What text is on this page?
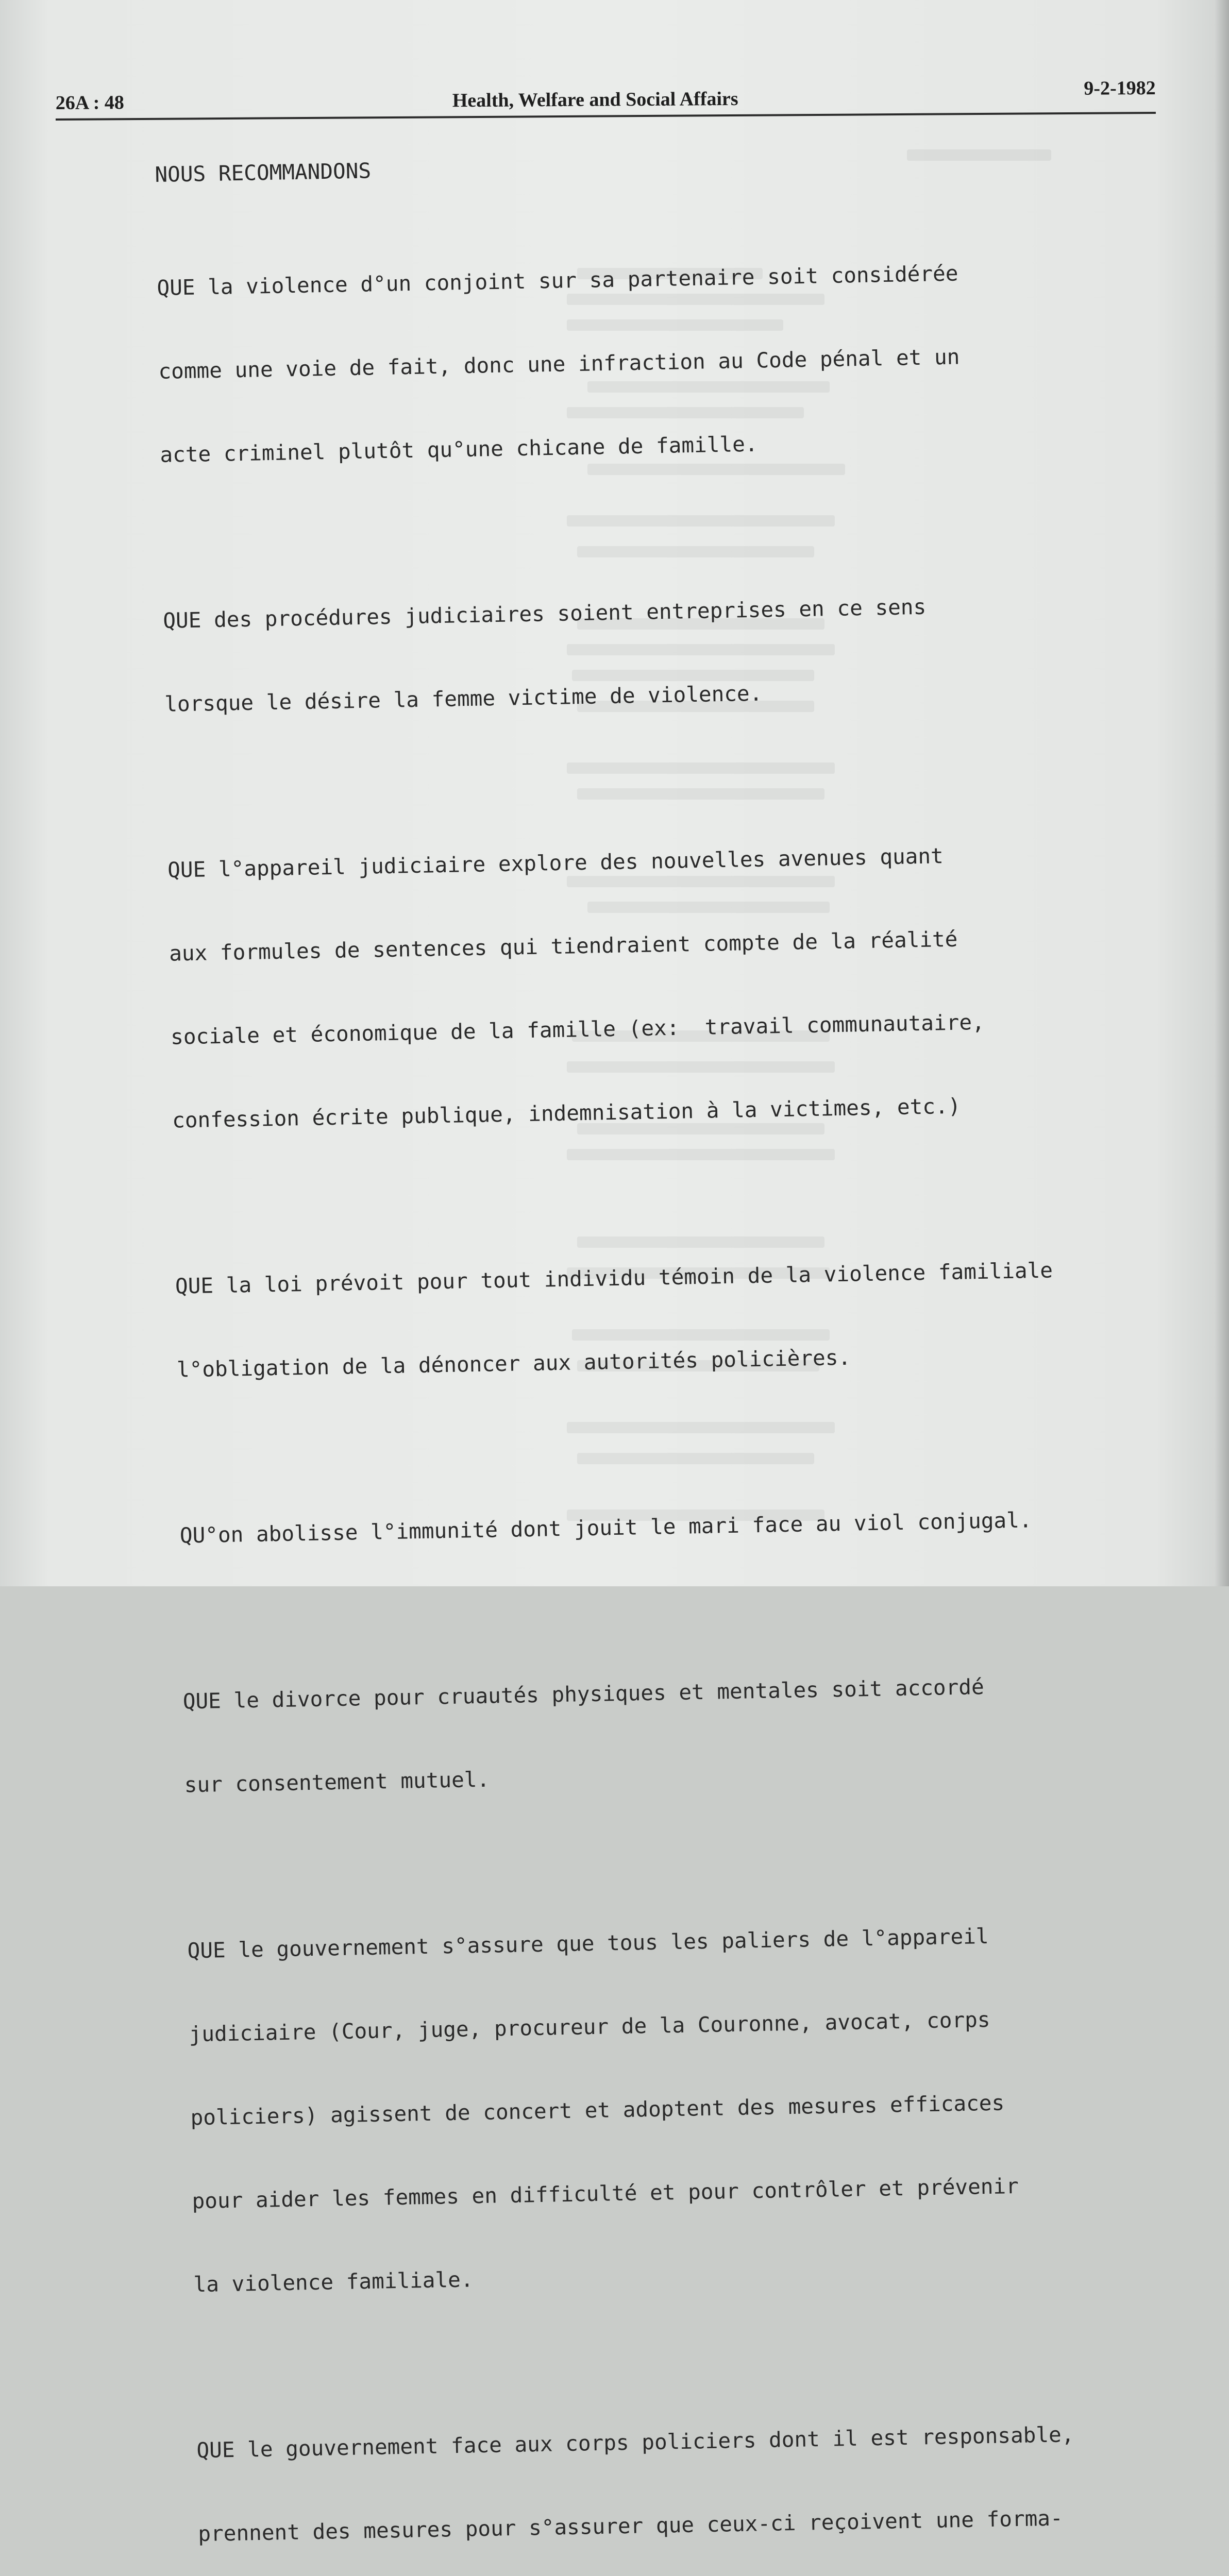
26A : 48	Health, Welfare and Social Affairs	9-2-1982
NOUS RECOMMANDONS

QUE la violence d°un conjoint sur sa partenaire soit considérée

comme une voie de fait, donc une infraction au Code pénal et un

acte criminel plutôt qu°une chicane de famille.

QUE des procédures judiciaires soient entreprises en ce sens

lorsque le désire la femme victime de violence.

QUE l°appareil judiciaire explore des nouvelles avenues quant

aux formules de sentences qui tiendraient compte de la réalité

sociale et économique de la famille (ex:  travail communautaire,

confession écrite publique, indemnisation à la victimes, etc.)

QUE la loi prévoit pour tout individu témoin de la violence familiale

l°obligation de la dénoncer aux autorités policières.

QU°on abolisse l°immunité dont jouit le mari face au viol conjugal.

QUE le divorce pour cruautés physiques et mentales soit accordé

sur consentement mutuel.

QUE le gouvernement s°assure que tous les paliers de l°appareil

judiciaire (Cour, juge, procureur de la Couronne, avocat, corps

policiers) agissent de concert et adoptent des mesures efficaces

pour aider les femmes en difficulté et pour contrôler et prévenir

la violence familiale.

QUE le gouvernement face aux corps policiers dont il est responsable,

prennent des mesures pour s°assurer que ceux-ci reçoivent une forma-
